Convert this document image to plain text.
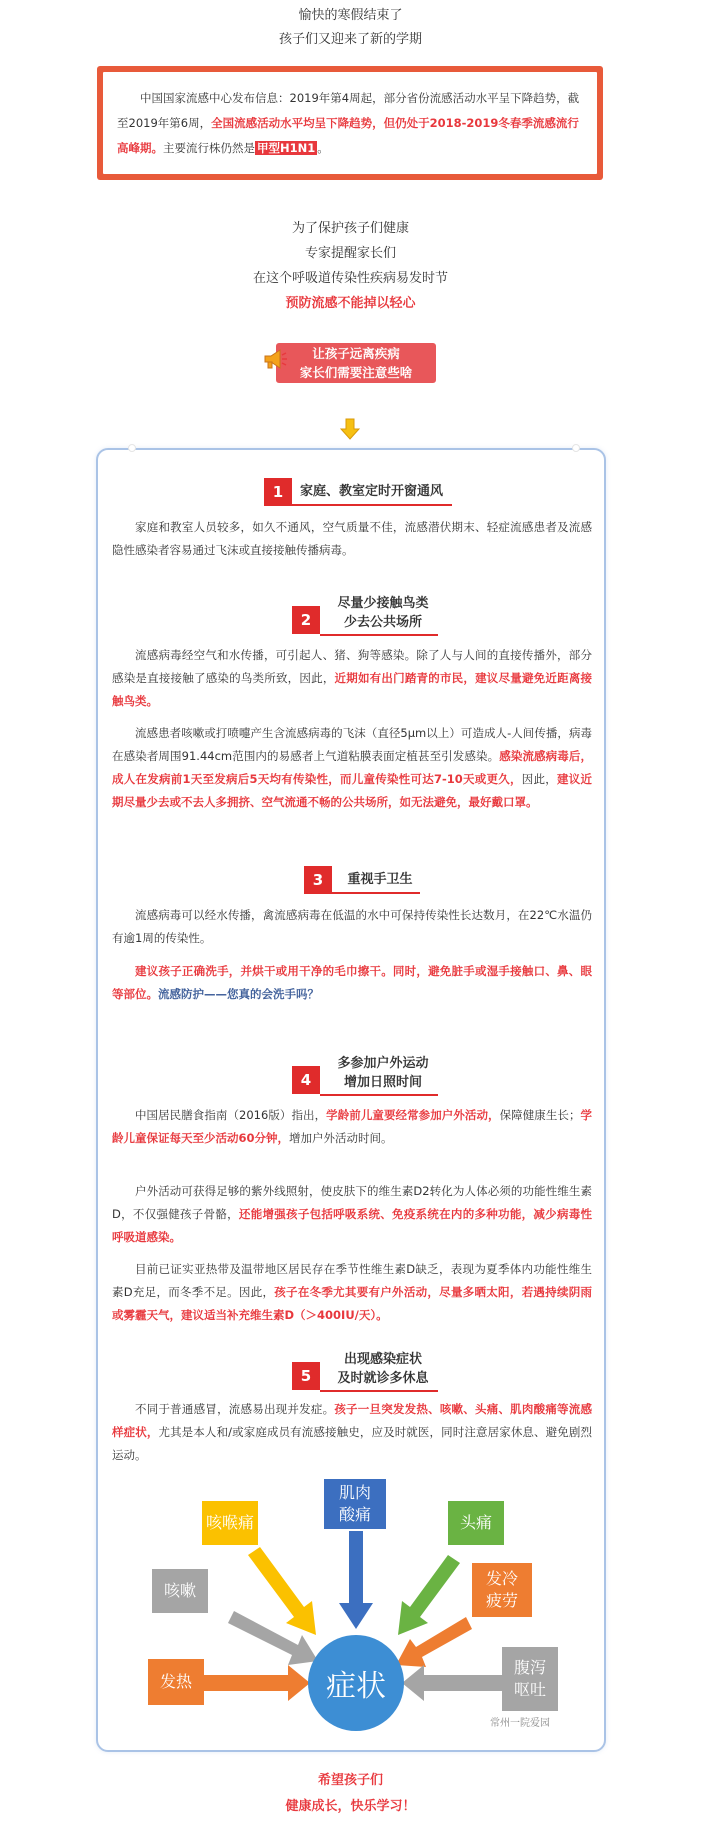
愉快的寒假结束了
孩子们又迎来了新的学期
中国国家流感中心发布信息：2019年第4周起，部分省份流感活动水平呈下降趋势，截至2019年第6周，全国流感活动水平均呈下降趋势，但仍处于2018-2019冬春季流感流行高峰期。主要流行株仍然是 甲型H1N1 。
为了保护孩子们健康
专家提醒家长们
在这个呼吸道传染性疾病易发时节
预防流感不能掉以轻心
让孩子远离疾病
家长们需要注意些啥
1	家庭、教室定时开窗通风
家庭和教室人员较多，如久不通风，空气质量不佳，流感潜伏期末、轻症流感患者及流感隐性感染者容易通过飞沫或直接接触传播病毒。
2
尽量少接触鸟类
少去公共场所
流感病毒经空气和水传播，可引起人、猪、狗等感染。除了人与人间的直接传播外，部分感染是直接接触了感染的鸟类所致，因此，近期如有出门踏青的市民，建议尽量避免近距离接触鸟类。
流感患者咳嗽或打喷嚏产生含流感病毒的飞沫（直径5μm以上）可造成人-人间传播，病毒在感染者周围91.44cm范围内的易感者上气道粘膜表面定植甚至引发感染。感染流感病毒后，成人在发病前1天至发病后5天均有传染性，而儿童传染性可达7-10天或更久，因此，建议近期尽量少去或不去人多拥挤、空气流通不畅的公共场所，如无法避免，最好戴口罩。
3	重视手卫生
流感病毒可以经水传播，禽流感病毒在低温的水中可保持传染性长达数月，在22℃水温仍有逾1周的传染性。
建议孩子正确洗手，并烘干或用干净的毛巾擦干。同时，避免脏手或湿手接触口、鼻、眼等部位。流感防护——您真的会洗手吗？
4
多参加户外运动
增加日照时间
中国居民膳食指南（2016版）指出，学龄前儿童要经常参加户外活动，保障健康生长；学龄儿童保证每天至少活动60分钟，增加户外活动时间。
户外活动可获得足够的紫外线照射，使皮肤下的维生素D2转化为人体必须的功能性维生素D，不仅强健孩子骨骼，还能增强孩子包括呼吸系统、免疫系统在内的多种功能，减少病毒性呼吸道感染。
目前已证实亚热带及温带地区居民存在季节性维生素D缺乏，表现为夏季体内功能性维生素D充足，而冬季不足。因此，孩子在冬季尤其要有户外活动，尽量多晒太阳，若遇持续阴雨或雾霾天气，建议适当补充维生素D（＞400IU/天）。
5
出现感染症状
及时就诊多休息
不同于普通感冒，流感易出现并发症。孩子一旦突发发热、咳嗽、头痛、肌肉酸痛等流感样症状，尤其是本人和/或家庭成员有流感接触史，应及时就医，同时注意居家休息、避免剧烈运动。
肌肉酸痛
咳喉痛	头痛
咳嗽
发冷疲劳
发热
腹泻呕吐
症状
常州一院爱园
希望孩子们
健康成长，快乐学习！
